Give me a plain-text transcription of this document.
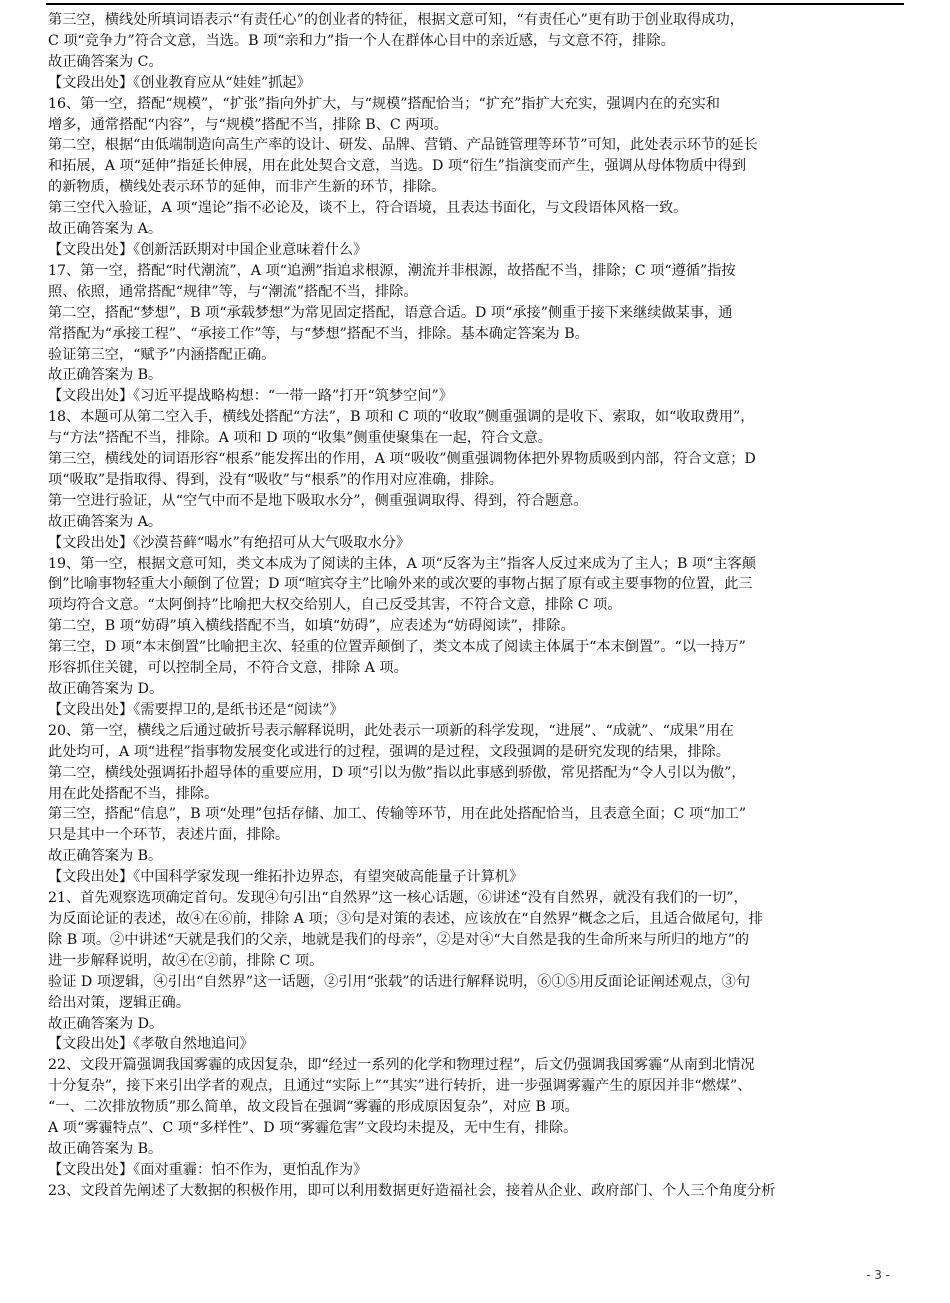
第三空，横线处所填词语表示“有责任心”的创业者的特征，根据文意可知，“有责任心”更有助于创业取得成功，

C 项“竞争力”符合文意，当选。B 项“亲和力”指一个人在群体心目中的亲近感，与文意不符，排除。

故正确答案为 C。

【文段出处】《创业教育应从“娃娃”抓起》

16、第一空，搭配“规模”，“扩张”指向外扩大，与“规模”搭配恰当；“扩充”指扩大充实，强调内在的充实和

增多，通常搭配“内容”，与“规模”搭配不当，排除 B、C 两项。

第二空，根据“由低端制造向高生产率的设计、研发、品牌、营销、产品链管理等环节”可知，此处表示环节的延长

和拓展，A 项“延伸”指延长伸展，用在此处契合文意，当选。D 项“衍生”指演变而产生，强调从母体物质中得到

的新物质，横线处表示环节的延伸，而非产生新的环节，排除。

第三空代入验证，A 项“遑论”指不必论及，谈不上，符合语境，且表达书面化，与文段语体风格一致。

故正确答案为 A。

【文段出处】《创新活跃期对中国企业意味着什么》

17、第一空，搭配“时代潮流”，A 项“追溯”指追求根源，潮流并非根源，故搭配不当，排除；C 项“遵循”指按

照、依照，通常搭配“规律”等，与“潮流”搭配不当，排除。

第二空，搭配“梦想”，B 项“承载梦想”为常见固定搭配，语意合适。D 项“承接”侧重于接下来继续做某事，通

常搭配为“承接工程”、“承接工作”等，与“梦想”搭配不当，排除。基本确定答案为 B。

验证第三空，“赋予”内涵搭配正确。

故正确答案为 B。

【文段出处】《习近平提战略构想：“一带一路”打开“筑梦空间”》

18、本题可从第二空入手，横线处搭配“方法”，B 项和 C 项的“收取”侧重强调的是收下、索取，如“收取费用”，

与“方法”搭配不当，排除。A 项和 D 项的“收集”侧重使聚集在一起，符合文意。

第三空，横线处的词语形容“根系”能发挥出的作用，A 项“吸收”侧重强调物体把外界物质吸到内部，符合文意；D

项“吸取”是指取得、得到，没有“吸收”与“根系”的作用对应准确，排除。

第一空进行验证，从“空气中而不是地下吸取水分”，侧重强调取得、得到，符合题意。

故正确答案为 A。

【文段出处】《沙漠苔藓“喝水”有绝招可从大气吸取水分》

19、第一空，根据文意可知，类文本成为了阅读的主体，A 项“反客为主”指客人反过来成为了主人；B 项“主客颠

倒”比喻事物轻重大小颠倒了位置；D 项“喧宾夺主”比喻外来的或次要的事物占据了原有或主要事物的位置，此三

项均符合文意。“太阿倒持”比喻把大权交给别人，自己反受其害，不符合文意，排除 C 项。

第二空，B 项“妨碍”填入横线搭配不当，如填“妨碍”，应表述为“妨碍阅读”，排除。

第三空，D 项“本末倒置”比喻把主次、轻重的位置弄颠倒了，类文本成了阅读主体属于“本末倒置”。“以一持万”

形容抓住关键，可以控制全局，不符合文意，排除 A 项。

故正确答案为 D。

【文段出处】《需要捍卫的,是纸书还是“阅读”》

20、第一空，横线之后通过破折号表示解释说明，此处表示一项新的科学发现，“进展”、“成就”、“成果”用在

此处均可，A 项“进程”指事物发展变化或进行的过程，强调的是过程，文段强调的是研究发现的结果，排除。

第二空，横线处强调拓扑超导体的重要应用，D 项“引以为傲”指以此事感到骄傲，常见搭配为“令人引以为傲”，

用在此处搭配不当，排除。

第三空，搭配“信息”，B 项“处理”包括存储、加工、传输等环节，用在此处搭配恰当，且表意全面；C 项“加工”

只是其中一个环节，表述片面，排除。

故正确答案为 B。

【文段出处】《中国科学家发现一维拓扑边界态，有望突破高能量子计算机》

21、首先观察选项确定首句。发现④句引出“自然界”这一核心话题，⑥讲述“没有自然界，就没有我们的一切”，

为反面论证的表述，故④在⑥前，排除 A 项；③句是对策的表述，应该放在“自然界”概念之后，且适合做尾句，排

除 B 项。②中讲述“天就是我们的父亲，地就是我们的母亲”，②是对④“大自然是我的生命所来与所归的地方”的

进一步解释说明，故④在②前，排除 C 项。

验证 D 项逻辑，④引出“自然界”这一话题，②引用“张载”的话进行解释说明，⑥①⑤用反面论证阐述观点，③句

给出对策，逻辑正确。

故正确答案为 D。

【文段出处】《孝敬自然地追问》

22、文段开篇强调我国雾霾的成因复杂，即“经过一系列的化学和物理过程”，后文仍强调我国雾霾“从南到北情况

十分复杂”，接下来引出学者的观点，且通过“实际上”“其实”进行转折，进一步强调雾霾产生的原因并非“燃煤”、

“一、二次排放物质”那么简单，故文段旨在强调“雾霾的形成原因复杂”，对应 B 项。

A 项“雾霾特点”、C 项“多样性”、D 项“雾霾危害”文段均未提及，无中生有，排除。

故正确答案为 B。

【文段出处】《面对重霾：怕不作为，更怕乱作为》

23、文段首先阐述了大数据的积极作用，即可以利用数据更好造福社会，接着从企业、政府部门、个人三个角度分析

- 3 -
